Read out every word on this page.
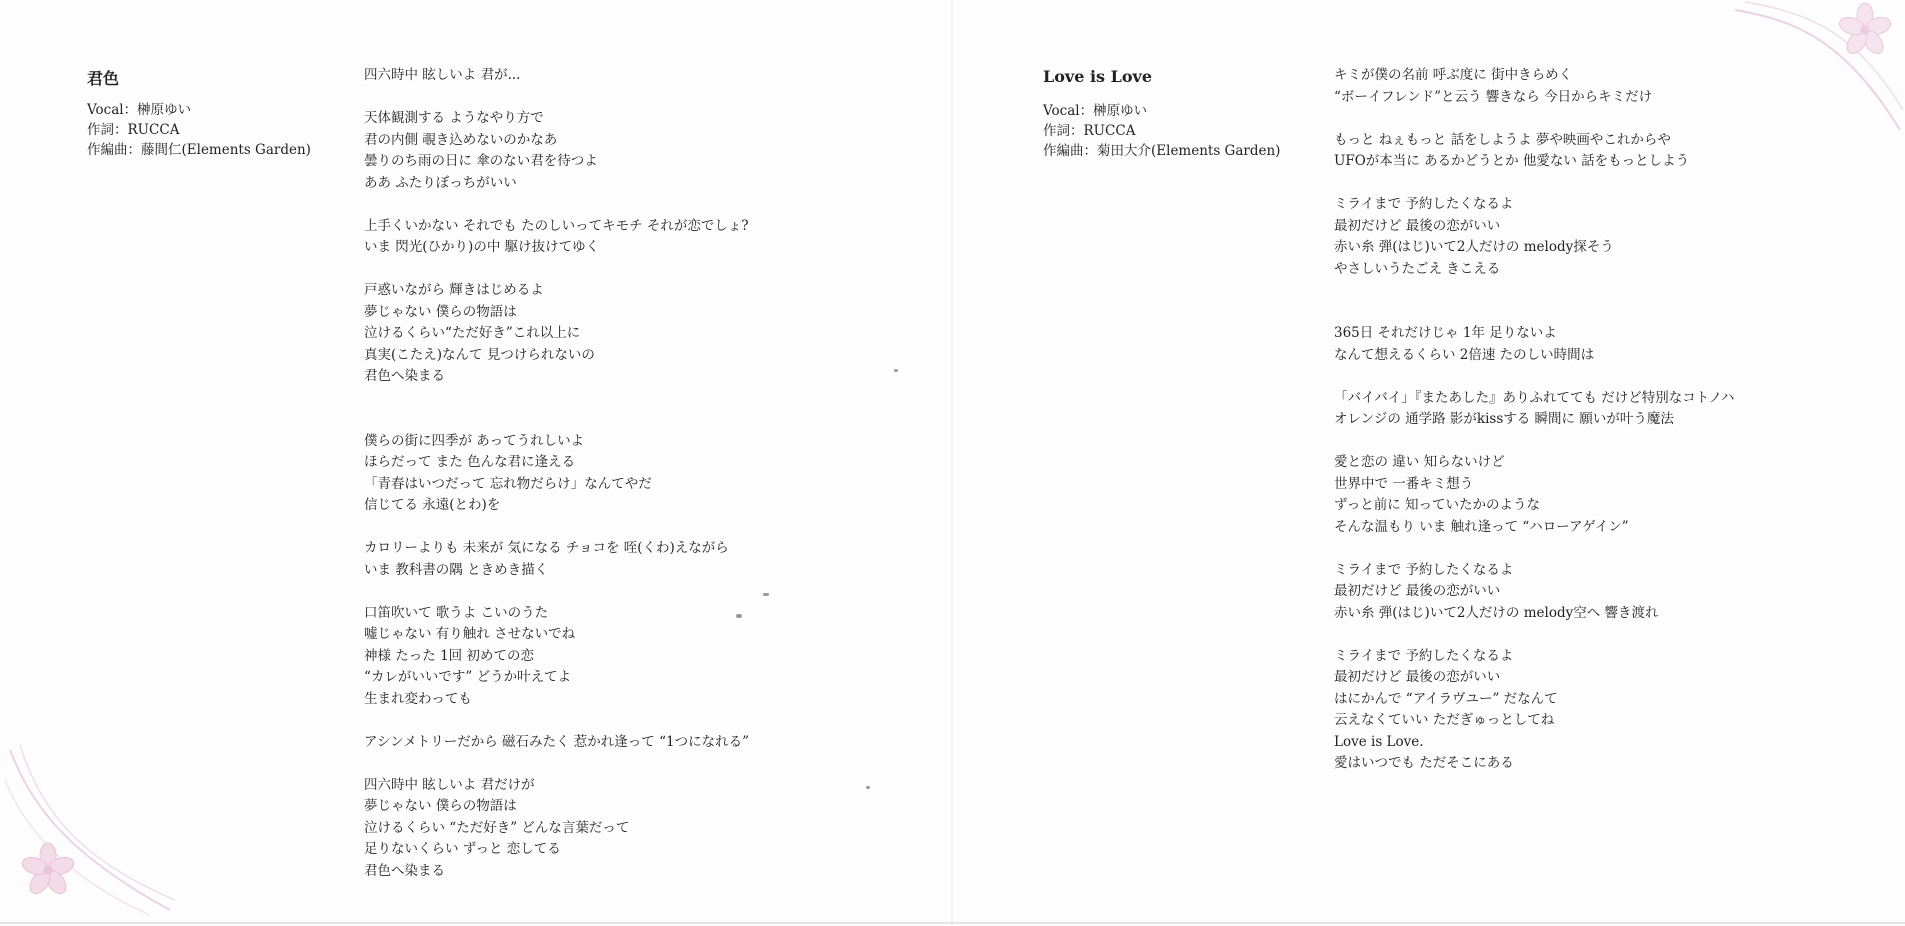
君色
Vocal：榊原ゆい
作詞：RUCCA
作編曲：藤間仁(Elements Garden)
四六時中 眩しいよ 君が...
天体観測する ようなやり方で
君の内側 覗き込めないのかなあ
曇りのち雨の日に 傘のない君を待つよ
ああ ふたりぼっちがいい
上手くいかない それでも たのしいってキモチ それが恋でしょ?
いま 閃光(ひかり)の中 駆け抜けてゆく
戸惑いながら 輝きはじめるよ
夢じゃない 僕らの物語は
泣けるくらい“ただ好き”これ以上に
真実(こたえ)なんて 見つけられないの
君色へ染まる
僕らの街に四季が あってうれしいよ
ほらだって また 色んな君に逢える
「青春はいつだって 忘れ物だらけ」なんてやだ
信じてる 永遠(とわ)を
カロリーよりも 未来が 気になる チョコを 咥(くわ)えながら
いま 教科書の隅 ときめき描く
口笛吹いて 歌うよ こいのうた
嘘じゃない 有り触れ させないでね
神様 たった 1回 初めての恋
“カレがいいです” どうか叶えてよ
生まれ変わっても
アシンメトリーだから 磁石みたく 惹かれ逢って “1つになれる”
四六時中 眩しいよ 君だけが
夢じゃない 僕らの物語は
泣けるくらい “ただ好き” どんな言葉だって
足りないくらい ずっと 恋してる
君色へ染まる
Love is Love
Vocal：榊原ゆい
作詞：RUCCA
作編曲：菊田大介(Elements Garden)
キミが僕の名前 呼ぶ度に 街中きらめく
“ボーイフレンド”と云う 響きなら 今日からキミだけ
もっと ねぇもっと 話をしようよ 夢や映画やこれからや
UFOが本当に あるかどうとか 他愛ない 話をもっとしよう
ミライまで 予約したくなるよ
最初だけど 最後の恋がいい
赤い糸 弾(はじ)いて2人だけの melody探そう
やさしいうたごえ きこえる
365日 それだけじゃ 1年 足りないよ
なんて想えるくらい 2倍速 たのしい時間は
「バイバイ」『またあした』ありふれてても だけど特別なコトノハ
オレンジの 通学路 影がkissする 瞬間に 願いが叶う魔法
愛と恋の 違い 知らないけど
世界中で 一番キミ想う
ずっと前に 知っていたかのような
そんな温もり いま 触れ逢って “ハローアゲイン”
ミライまで 予約したくなるよ
最初だけど 最後の恋がいい
赤い糸 弾(はじ)いて2人だけの melody空へ 響き渡れ
ミライまで 予約したくなるよ
最初だけど 最後の恋がいい
はにかんで “アイラヴユー” だなんて
云えなくていい ただぎゅっとしてね
Love is Love.
愛はいつでも ただそこにある
